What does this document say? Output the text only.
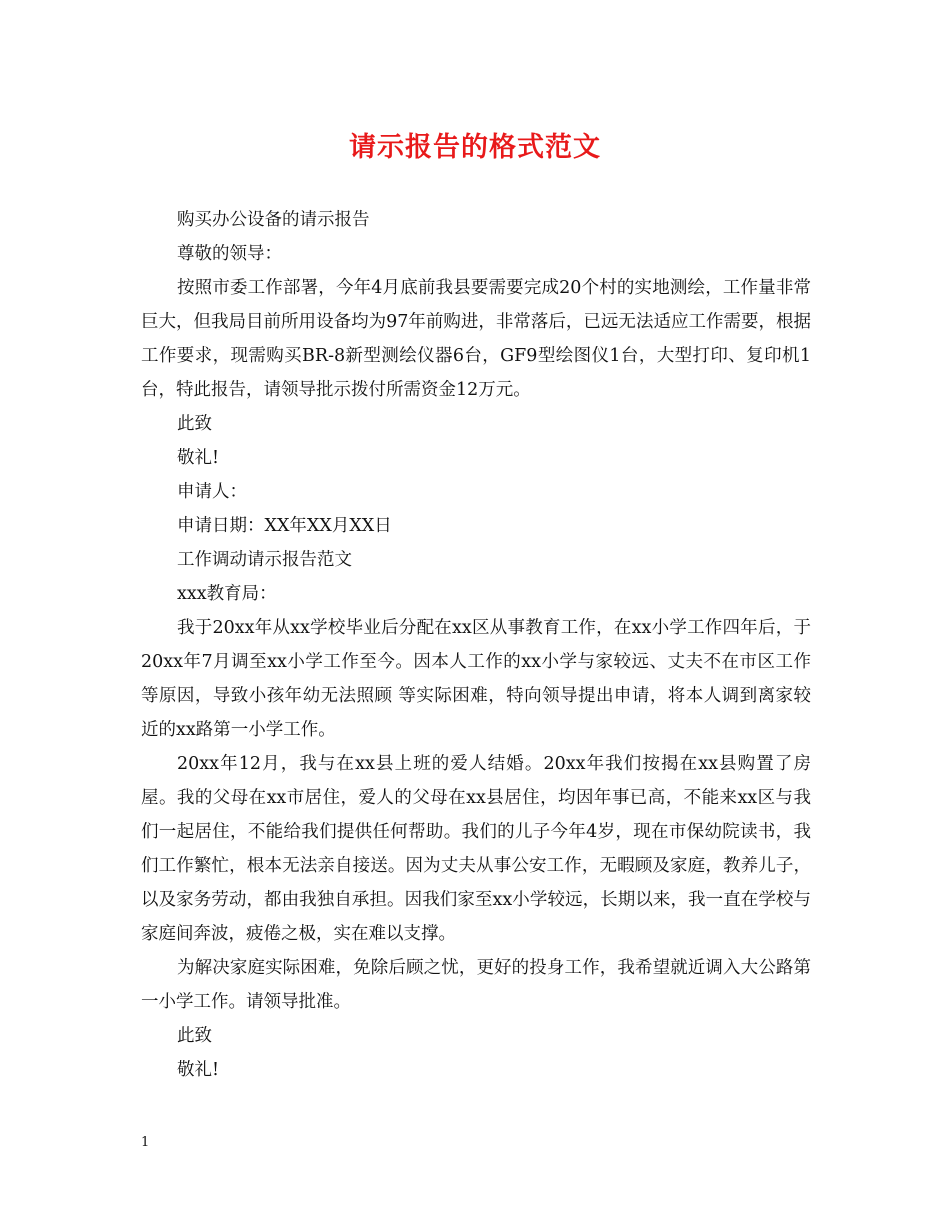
请示报告的格式范文

购买办公设备的请示报告

尊敬的领导：

按照市委工作部署，今年4月底前我县要需要完成20个村的实地测绘，工作量非常巨大，但我局目前所用设备均为97年前购进，非常落后，已远无法适应工作需要，根据工作要求，现需购买BR-8新型测绘仪器6台，GF9型绘图仪1台，大型打印、复印机1台，特此报告，请领导批示拨付所需资金12万元。

此致

敬礼!

申请人：

申请日期：XX年XX月XX日

工作调动请示报告范文

xxx教育局：

我于20xx年从xx学校毕业后分配在xx区从事教育工作，在xx小学工作四年后，于20xx年7月调至xx小学工作至今。因本人工作的xx小学与家较远、丈夫不在市区工作等原因，导致小孩年幼无法照顾 等实际困难，特向领导提出申请，将本人调到离家较近的xx路第一小学工作。

20xx年12月，我与在xx县上班的爱人结婚。20xx年我们按揭在xx县购置了房屋。我的父母在xx市居住，爱人的父母在xx县居住，均因年事已高，不能来xx区与我们一起居住，不能给我们提供任何帮助。我们的儿子今年4岁，现在市保幼院读书，我们工作繁忙，根本无法亲自接送。因为丈夫从事公安工作，无暇顾及家庭，教养儿子，以及家务劳动，都由我独自承担。因我们家至xx小学较远，长期以来，我一直在学校与家庭间奔波，疲倦之极，实在难以支撑。

为解决家庭实际困难，免除后顾之忧，更好的投身工作，我希望就近调入大公路第一小学工作。请领导批准。

此致

敬礼!

1
